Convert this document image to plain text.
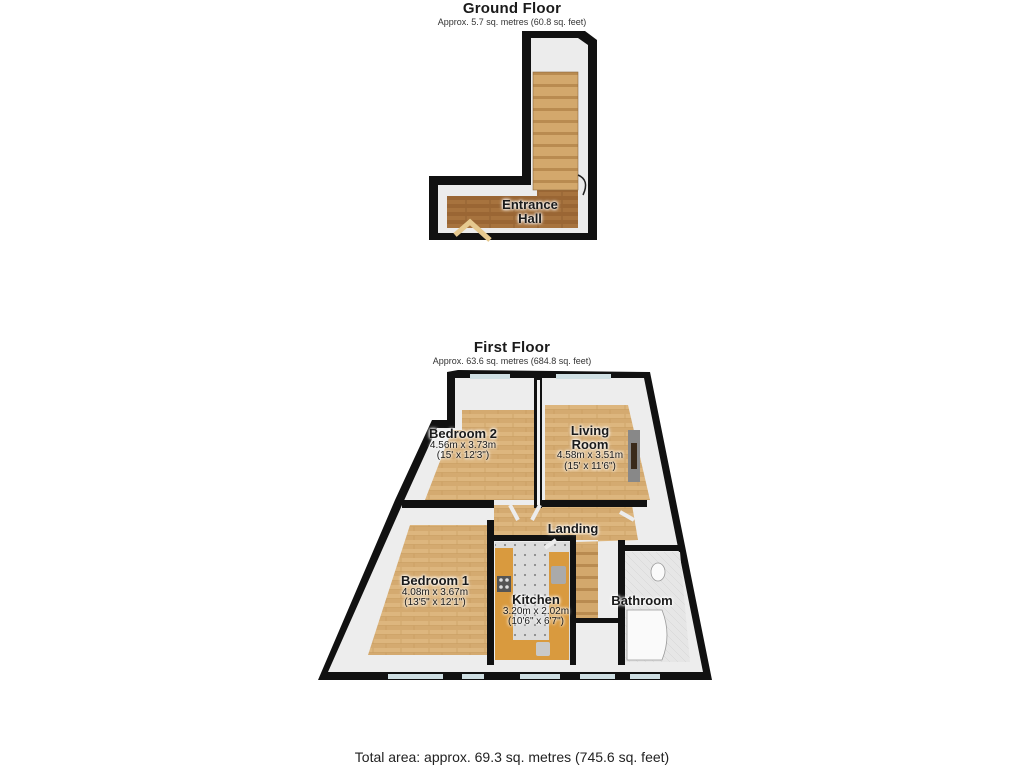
Ground Floor
Approx. 5.7 sq. metres (60.8 sq. feet)
Entrance
Hall
First Floor
Approx. 63.6 sq. metres (684.8 sq. feet)
Bedroom 2
4.56m x 3.73m
(15' x 12'3")
Living
Room
4.58m x 3.51m
(15' x 11'6")
Landing
Bedroom 1
4.08m x 3.67m
(13'5" x 12'1")	Kitchen
3.20m x 2.02m
(10'6" x 6'7")
Bathroom
Total area: approx. 69.3 sq. metres (745.6 sq. feet)
